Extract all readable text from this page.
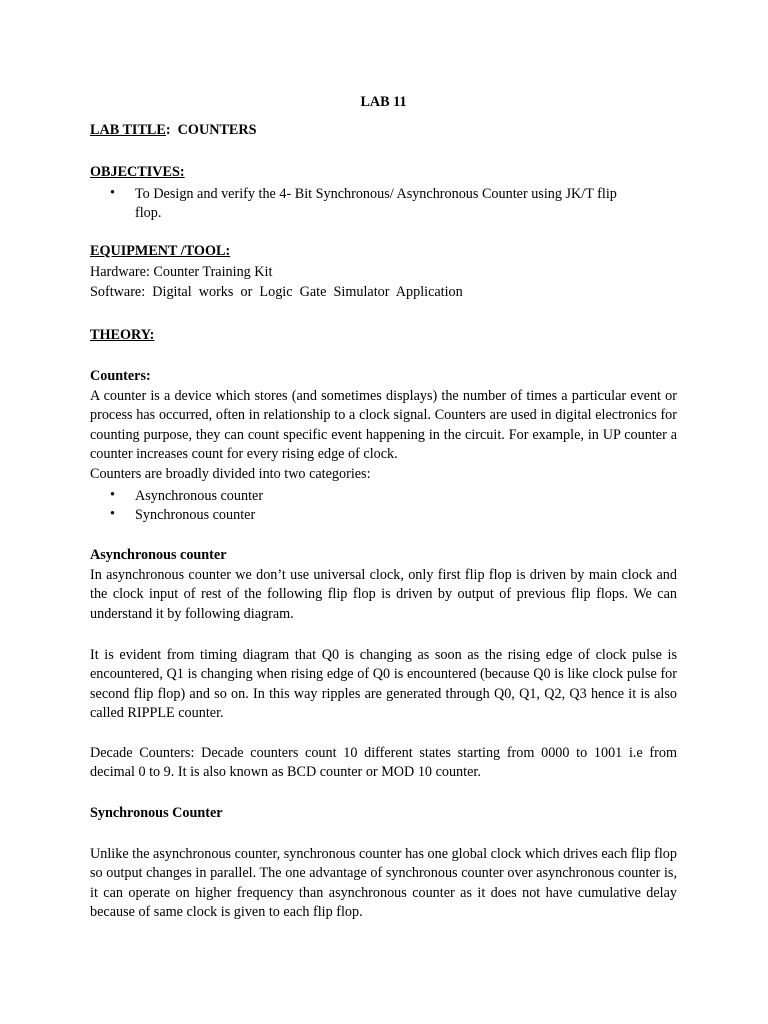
LAB 11
LAB TITLE: COUNTERS
OBJECTIVES:
• To Design and verify the 4- Bit Synchronous/ Asynchronous Counter using JK/T flip
flop.
EQUIPMENT /TOOL:
Hardware: Counter Training Kit
Software:  Digital  works  or  Logic  Gate  Simulator  Application
THEORY:
Counters:
A counter is a device which stores (and sometimes displays) the number of times a particular event or process has occurred, often in relationship to a clock signal. Counters are used in digital electronics for counting purpose, they can count specific event happening in the circuit. For example, in UP counter a counter increases count for every rising edge of clock.
Counters are broadly divided into two categories:
• Asynchronous counter
• Synchronous counter
Asynchronous counter
In asynchronous counter we don’t use universal clock, only first flip flop is driven by main clock and the clock input of rest of the following flip flop is driven by output of previous flip flops. We can understand it by following diagram.
It is evident from timing diagram that Q0 is changing as soon as the rising edge of clock pulse is encountered, Q1 is changing when rising edge of Q0 is encountered (because Q0 is like clock pulse for second flip flop) and so on. In this way ripples are generated through Q0, Q1, Q2, Q3 hence it is also called RIPPLE counter.
Decade Counters: Decade counters count 10 different states starting from 0000 to 1001 i.e from decimal 0 to 9. It is also known as BCD counter or MOD 10 counter.
Synchronous Counter
Unlike the asynchronous counter, synchronous counter has one global clock which drives each flip flop so output changes in parallel. The one advantage of synchronous counter over asynchronous counter is, it can operate on higher frequency than asynchronous counter as it does not have cumulative delay because of same clock is given to each flip flop.
